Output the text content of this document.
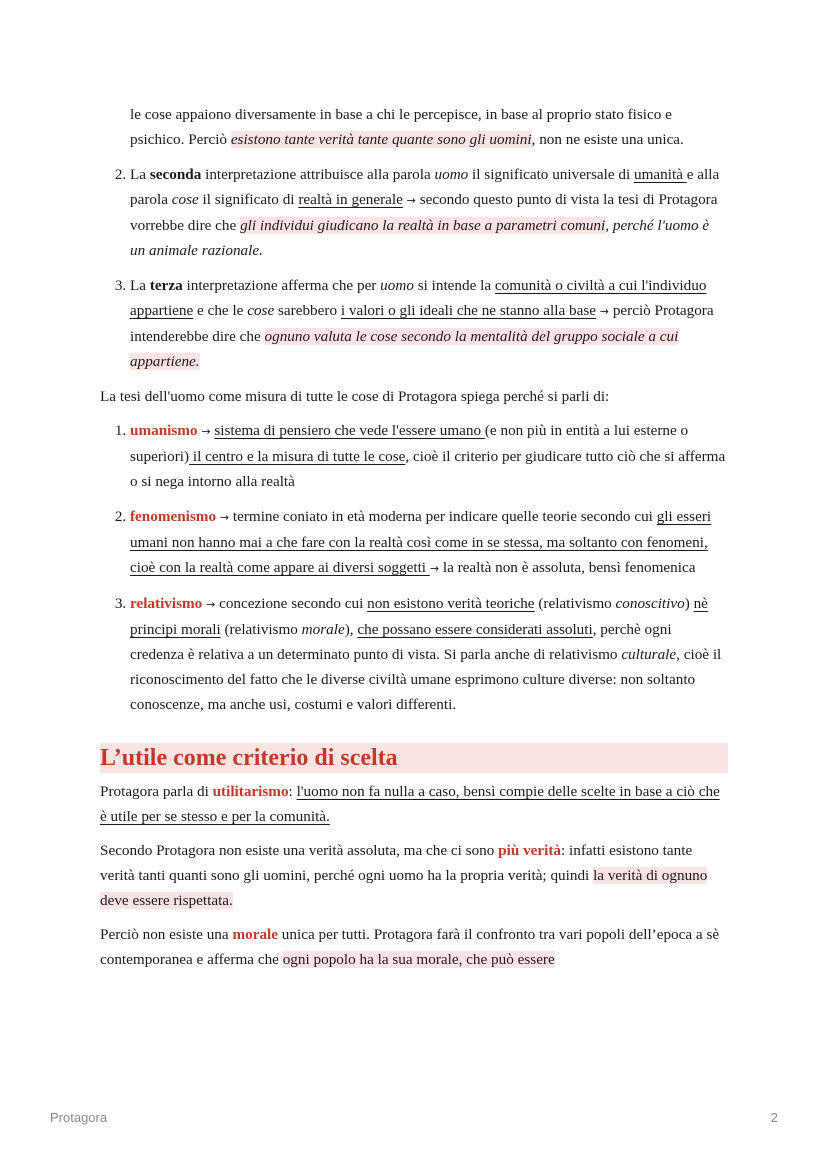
le cose appaiono diversamente in base a chi le percepisce, in base al proprio stato fisico e psichico. Perciò esistono tante verità tante quante sono gli uomini, non ne esiste una unica.

2. La seconda interpretazione attribuisce alla parola uomo il significato universale di umanità e alla parola cose il significato di realtà in generale → secondo questo punto di vista la tesi di Protagora vorrebbe dire che gli individui giudicano la realtà in base a parametri comuni, perché l'uomo è un animale razionale.
3. La terza interpretazione afferma che per uomo si intende la comunità o civiltà a cui l'individuo appartiene e che le cose sarebbero i valori o gli ideali che ne stanno alla base → perciò Protagora intenderebbe dire che ognuno valuta le cose secondo la mentalità del gruppo sociale a cui appartiene.

La tesi dell'uomo come misura di tutte le cose di Protagora spiega perché si parli di:

1. umanismo → sistema di pensiero che vede l'essere umano (e non più in entità a lui esterne o superiori) il centro e la misura di tutte le cose, cioè il criterio per giudicare tutto ciò che si afferma o si nega intorno alla realtà
2. fenomenismo → termine coniato in età moderna per indicare quelle teorie secondo cui gli esseri umani non hanno mai a che fare con la realtà così come in se stessa, ma soltanto con fenomeni, cioè con la realtà come appare ai diversi soggetti → la realtà non è assoluta, bensì fenomenica
3. relativismo → concezione secondo cui non esistono verità teoriche (relativismo conoscitivo) nè principi morali (relativismo morale), che possano essere considerati assoluti, perchè ogni credenza è relativa a un determinato punto di vista. Si parla anche di relativismo culturale, cioè il riconoscimento del fatto che le diverse civiltà umane esprimono culture diverse: non soltanto conoscenze, ma anche usi, costumi e valori differenti.
L’utile come criterio di scelta

Protagora parla di utilitarismo: l'uomo non fa nulla a caso, bensì compie delle scelte in base a ciò che è utile per se stesso e per la comunità.

Secondo Protagora non esiste una verità assoluta, ma che ci sono più verità: infatti esistono tante verità tanti quanti sono gli uomini, perché ogni uomo ha la propria verità; quindi la verità di ognuno deve essere rispettata.

Perciò non esiste una morale unica per tutti. Protagora farà il confronto tra vari popoli dell’epoca a sè contemporanea e afferma che ogni popolo ha la sua morale, che può essere

Protagora	2
